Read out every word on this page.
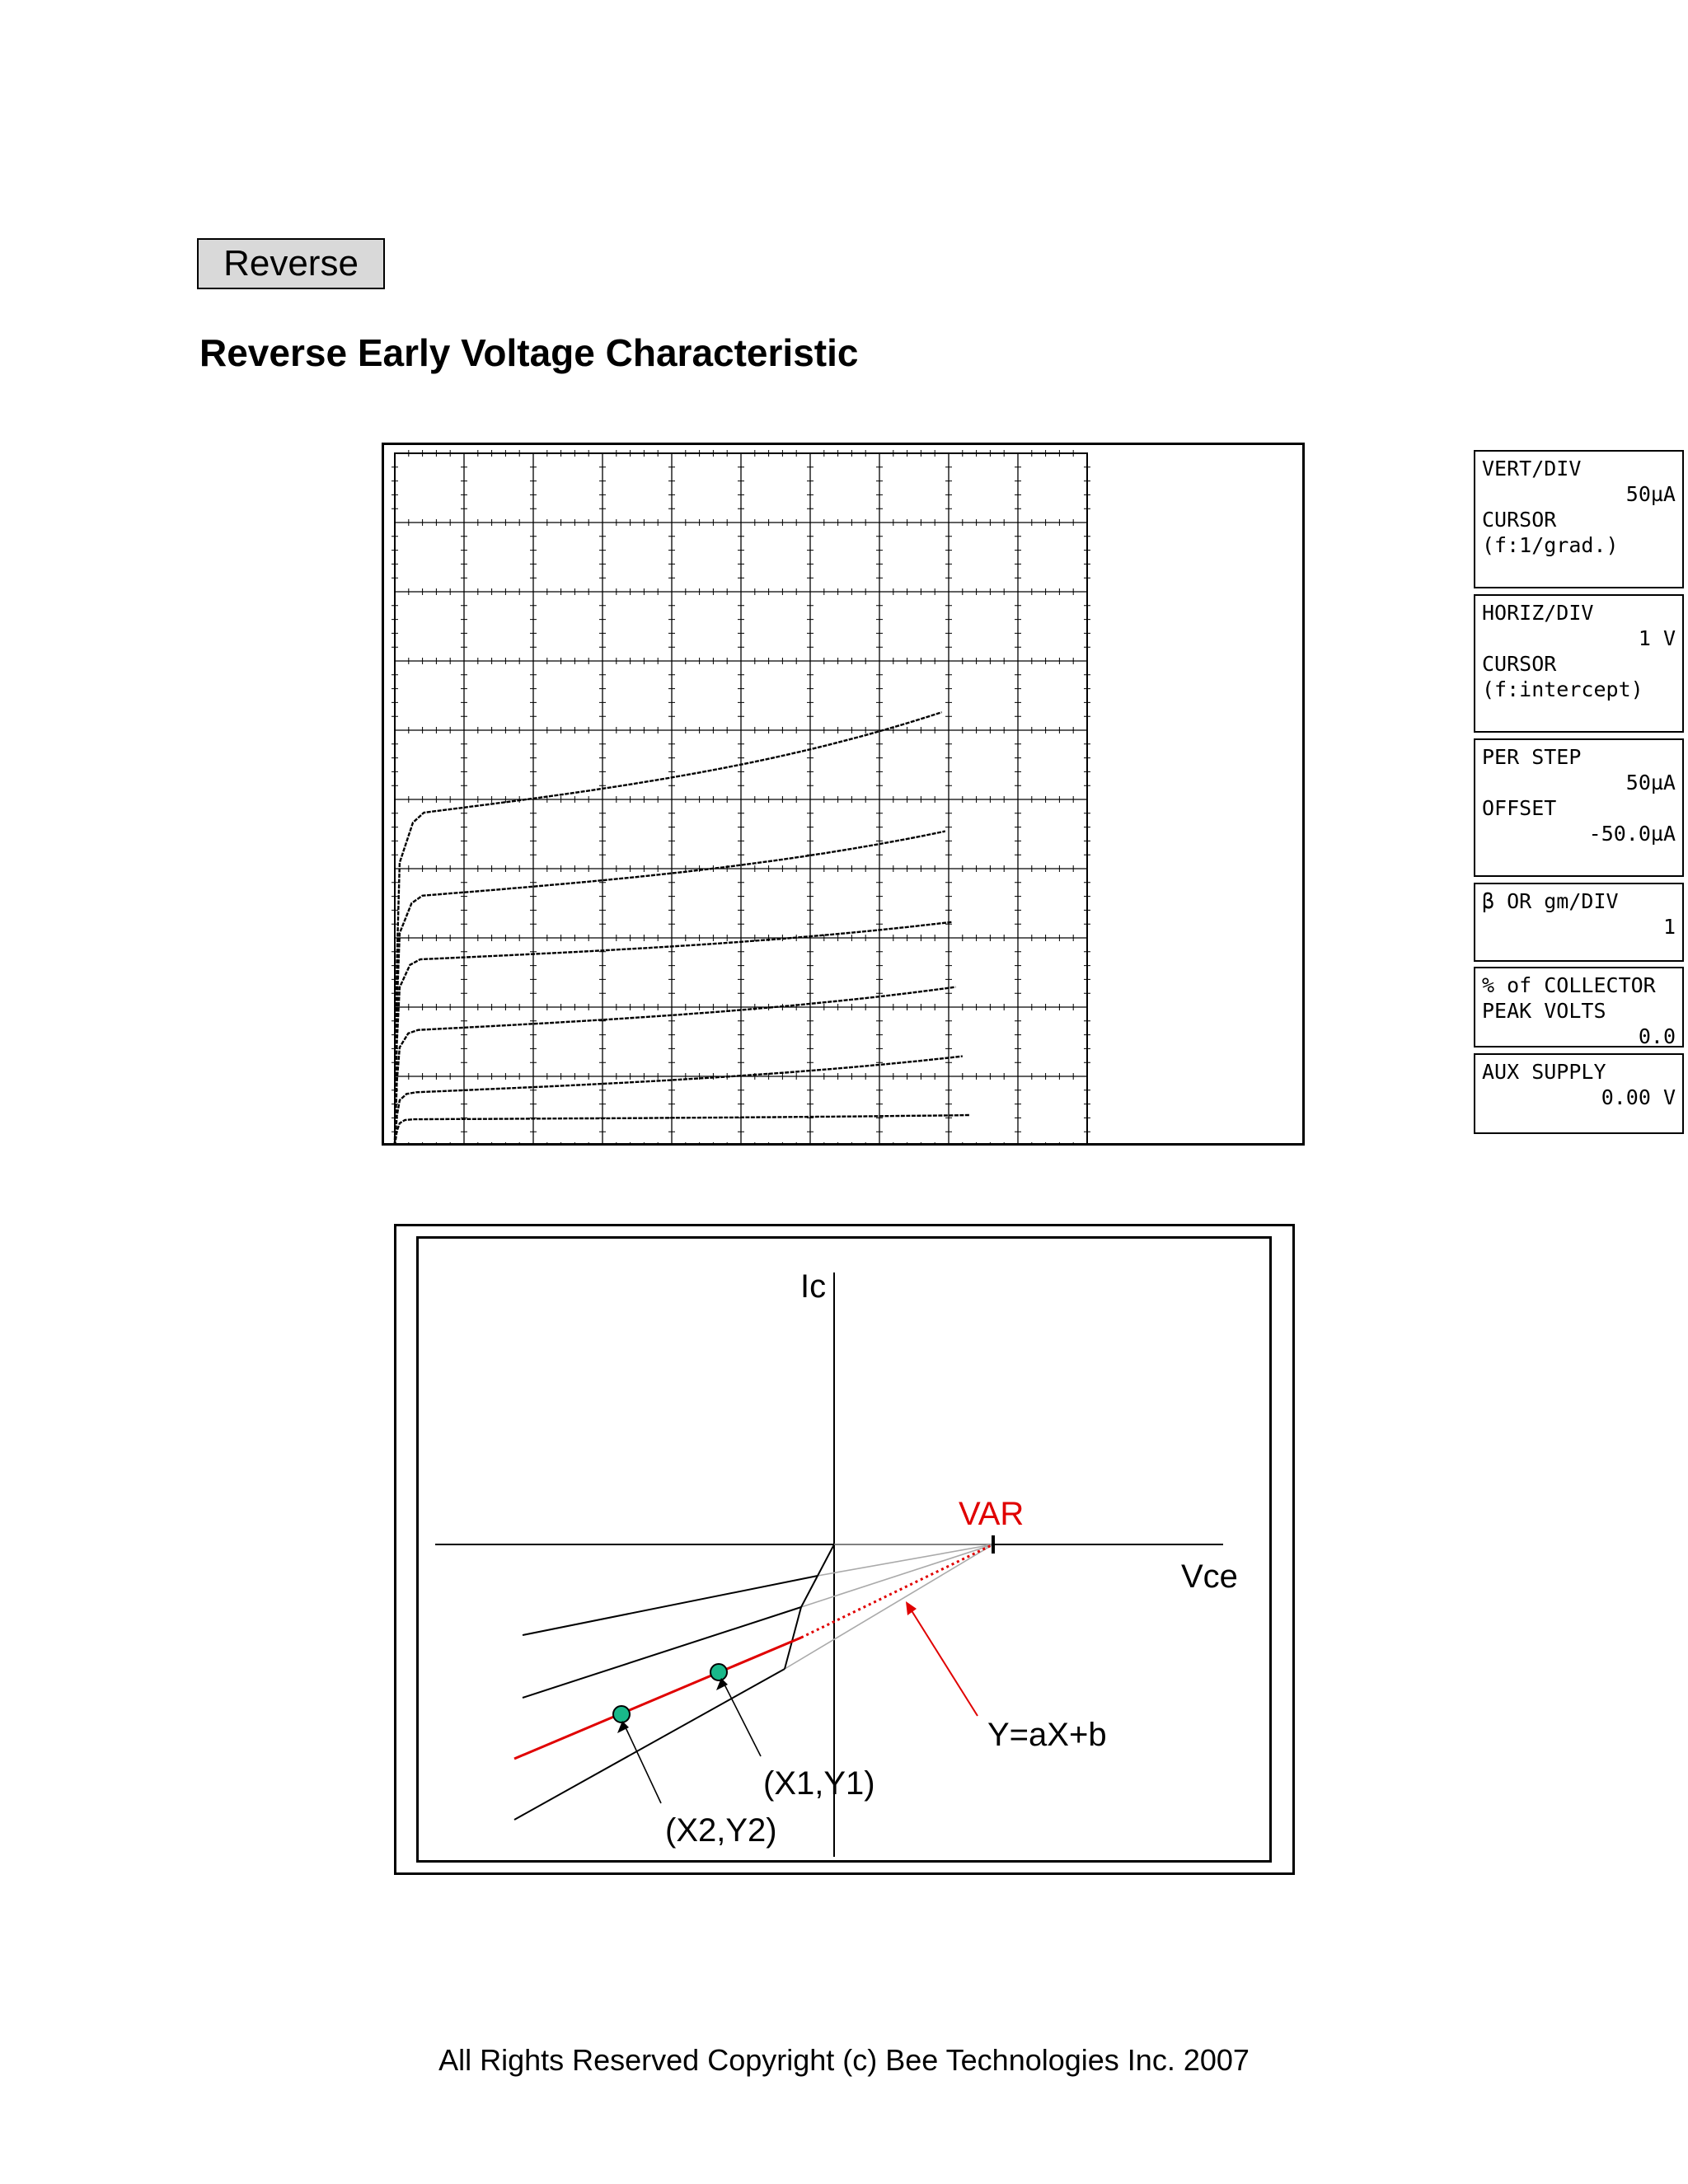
Reverse
Reverse Early Voltage Characteristic
VERT/DIV
50µA
CURSOR
(f:1/grad.)
HORIZ/DIV
1 V
CURSOR
(f:intercept)
PER STEP
50µA
OFFSET
-50.0µA
β OR gm/DIV
1
% of COLLECTOR
PEAK VOLTS
0.0
AUX SUPPLY
0.00 V
Ic
Vce
VAR
Y=aX+b
(X1,Y1)
(X2,Y2)
All Rights Reserved Copyright (c) Bee Technologies Inc. 2007
